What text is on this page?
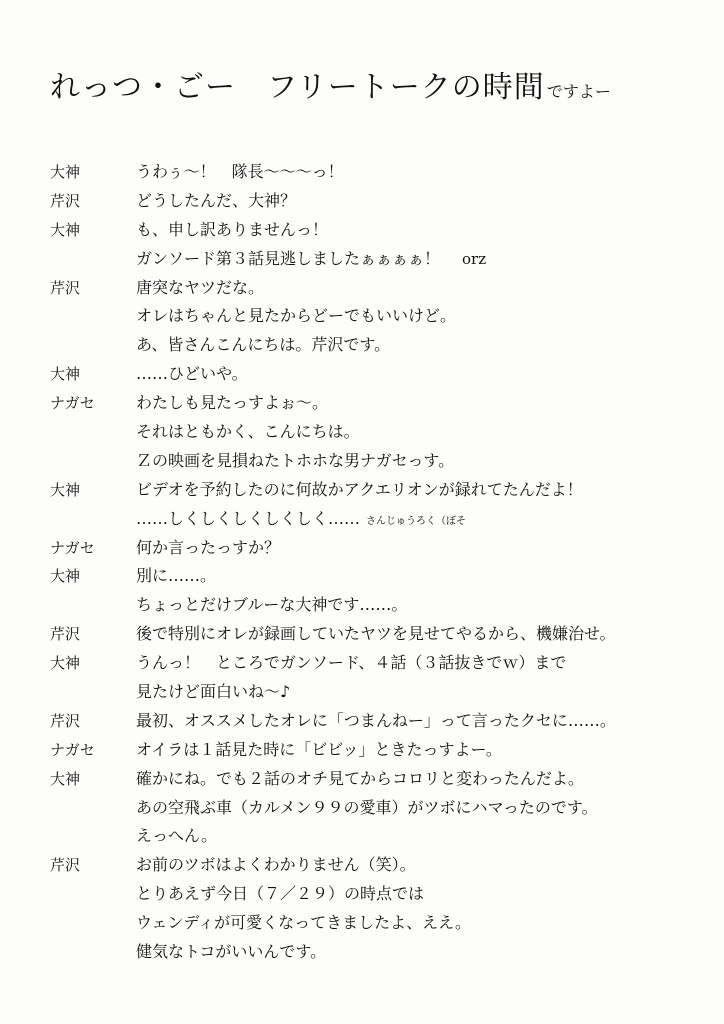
れっつ・ごー　フリートークの時間 ですよー
大神	うわぅ～！　隊長～～～っ！
芹沢	どうしたんだ、大神？
大神	も、申し訳ありませんっ！
ガンソード第３話見逃しましたぁぁぁぁ！ orz
芹沢	唐突なヤツだな。
オレはちゃんと見たからどーでもいいけど。
あ、皆さんこんにちは。芹沢です。
大神	……ひどいや。
ナガセ	わたしも見たっすよぉ～。
それはともかく、こんにちは。
Ｚの映画を見損ねたトホホな男ナガセっす。
大神	ビデオを予約したのに何故かアクエリオンが録れてたんだよ！
……しくしくしくしくしく…… さんじゅうろく（ぼそ
ナガセ	何か言ったっすか？
大神	別に……。
ちょっとだけブルーな大神です……。
芹沢	後で特別にオレが録画していたヤツを見せてやるから、機嫌治せ。
大神	うんっ！　ところでガンソード、４話（３話抜きでｗ）まで
見たけど面白いね～♪
芹沢	最初、オススメしたオレに「つまんねー」って言ったクセに……。
ナガセ	オイラは１話見た時に「ビビッ」ときたっすよー。
大神	確かにね。でも２話のオチ見てからコロリと変わったんだよ。
あの空飛ぶ車（カルメン９９の愛車）がツボにハマったのです。
えっへん。
芹沢	お前のツボはよくわかりません（笑）。
とりあえず今日（７／２９）の時点では
ウェンディが可愛くなってきましたよ、ええ。
健気なトコがいいんです。
